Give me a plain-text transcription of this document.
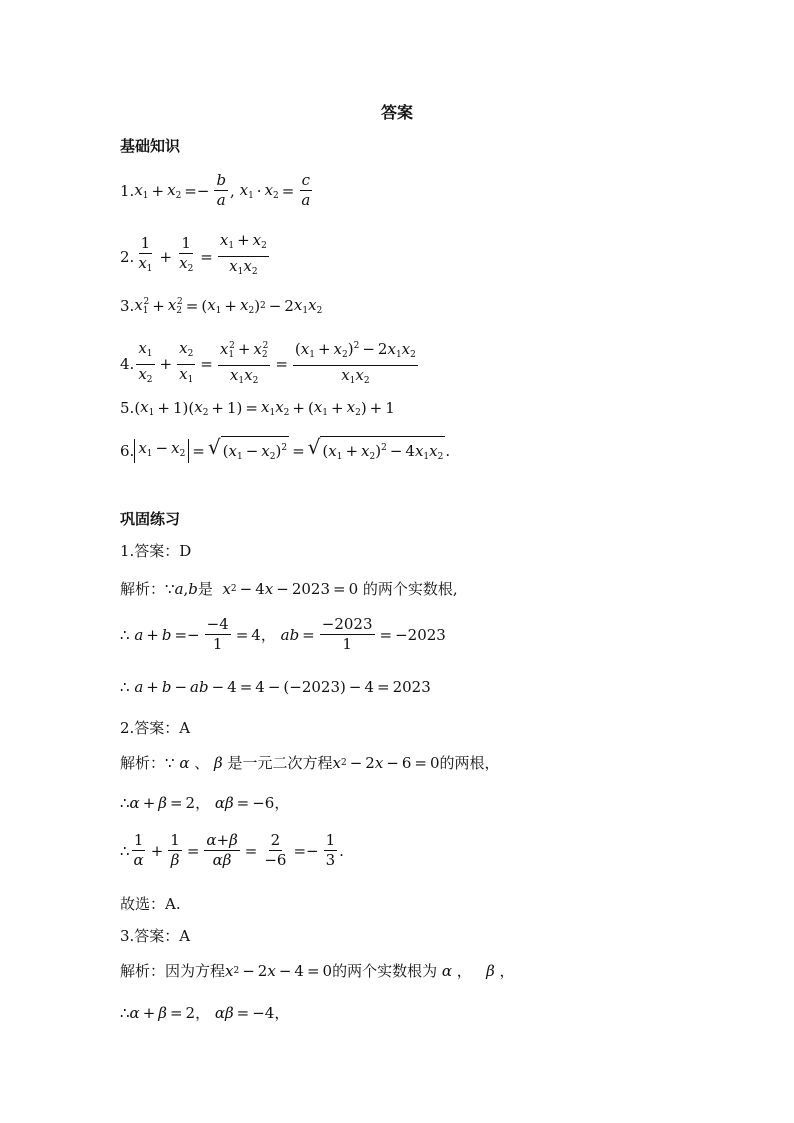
答案
基础知识
1. $x_1 + x_2 =- \frac{b}{a}$ , $x_1 \cdot x_2 = \frac{c}{a}$
2. $\frac{1}{x_1} + \frac{1}{x_2} = \frac{x_1 + x_2}{x_1x_2}$
3. $x_1^2 + x_2^2$ = ( $x_1 + x_2$ ) 2 − 2 $x_1x_2$
4. $\frac{x_1}{x_2} + \frac{x_2}{x_1} = \frac{x_1^2 + x_2^2}{x_1x_2} = \frac{(x_1 + x_2)^2 - 2x_1x_2}{x_1x_2}$
5. ( $x_1 + 1$ ) ( $x_2 + 1$ ) = $x_1x_2$ + ( $x_1 + x_2$ ) + 1
6. $x_1 - x_2$ = √ $(x_1 - x_2)^2$ = √ $(x_1 + x_2)^2 - 4x_1x_2$ .
巩固练习
1.答案：D
解析： ∵ a , b 是 x 2 − 4 x − 2023 = 0
的两个实数根,
∴ $a + b =- \frac{-4}{1} = 4$ ， ab = $\frac{-2023}{1} = -2023$
∴ a + b − ab − 4 = 4 − (−2023) − 4 = 2023
2.答案：A
解析： ∵ α 、 β
是一元二次方程 x 2 − 2 x − 6 = 0 的两根，
∴ α + β = 2 ， αβ = −6 ，
∴ $\frac{1}{\alpha} + \frac{1}{\beta} = \frac{\alpha+\beta}{\alpha\beta} = \frac{2}{-6} =- \frac{1}{3}$ .
故选：A.
3.答案：A
解析：因为方程 x 2 − 2 x − 4 = 0 的两个实数根为
α ， β ，
∴ α + β = 2 ， αβ = −4 ，
